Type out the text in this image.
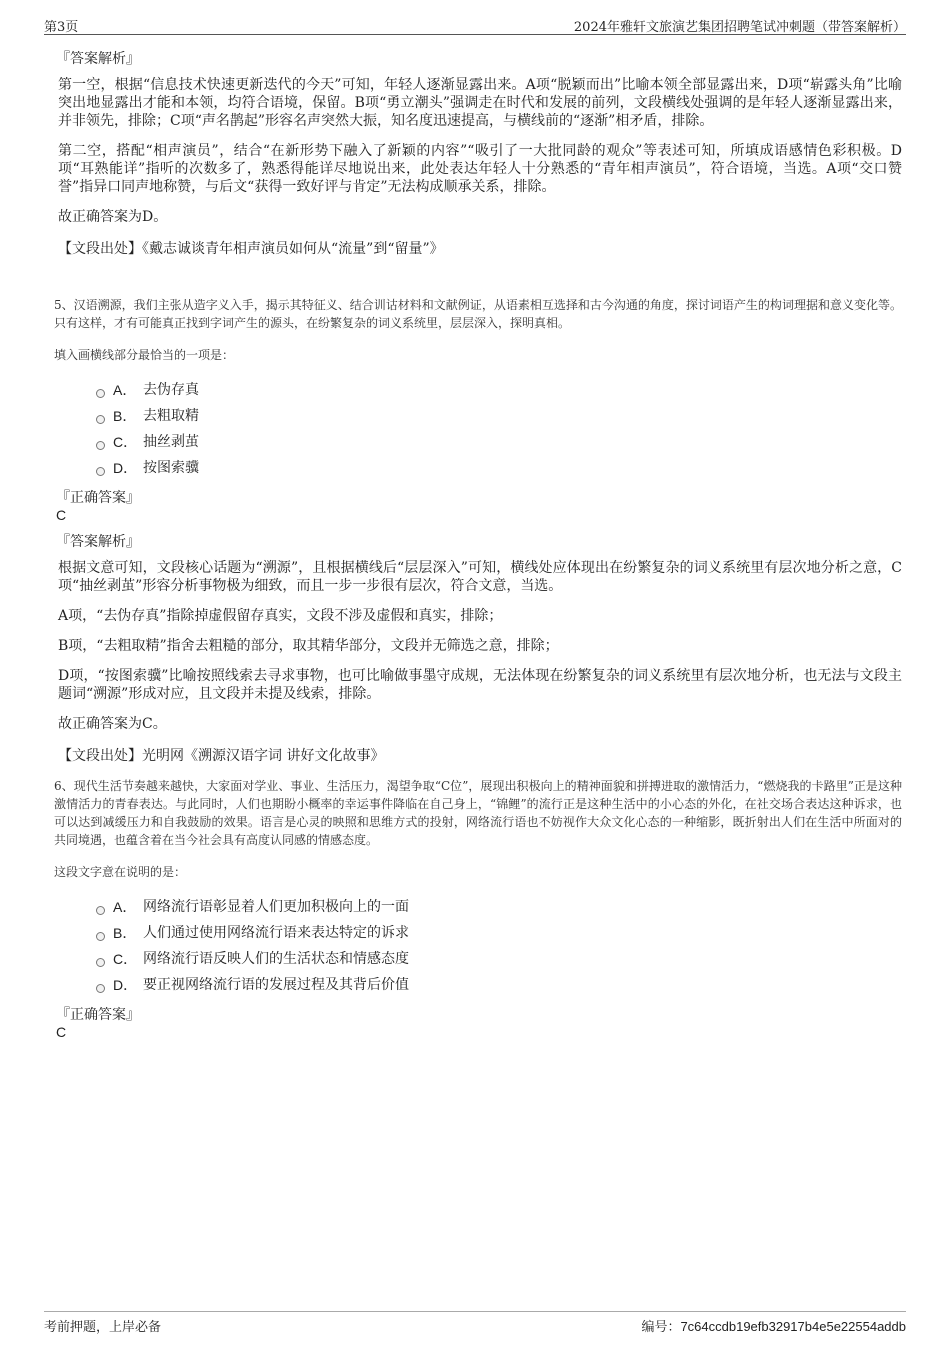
第3页	2024年雅轩文旅演艺集团招聘笔试冲刺题（带答案解析）
『答案解析』

第一空，根据“信息技术快速更新迭代的今天”可知，年轻人逐渐显露出来。A项“脱颖而出”比喻本领全部显露出来，D项“崭露头角”比喻突出地显露出才能和本领，均符合语境，保留。B项“勇立潮头”强调走在时代和发展的前列，文段横线处强调的是年轻人逐渐显露出来，并非领先，排除；C项“声名鹊起”形容名声突然大振，知名度迅速提高，与横线前的“逐渐”相矛盾，排除。

第二空，搭配“相声演员”，结合“在新形势下融入了新颖的内容”“吸引了一大批同龄的观众”等表述可知，所填成语感情色彩积极。D项“耳熟能详”指听的次数多了，熟悉得能详尽地说出来，此处表达年轻人十分熟悉的“青年相声演员”，符合语境，当选。A项“交口赞誉”指异口同声地称赞，与后文“获得一致好评与肯定”无法构成顺承关系，排除。

故正确答案为D。

【文段出处】《戴志诚谈青年相声演员如何从“流量”到“留量”》

5、汉语溯源，我们主张从造字义入手，揭示其特征义、结合训诂材料和文献例证，从语素相互选择和古今沟通的角度，探讨词语产生的构词理据和意义变化等。只有这样，才有可能真正找到字词产生的源头，在纷繁复杂的词义系统里，层层深入，探明真相。

填入画横线部分最恰当的一项是：

A． 去伪存真
B． 去粗取精
C． 抽丝剥茧
D． 按图索骥
『正确答案』
C
『答案解析』

根据文意可知，文段核心话题为“溯源”，且根据横线后“层层深入”可知，横线处应体现出在纷繁复杂的词义系统里有层次地分析之意，C项“抽丝剥茧”形容分析事物极为细致，而且一步一步很有层次，符合文意，当选。

A项，“去伪存真”指除掉虚假留存真实，文段不涉及虚假和真实，排除；

B项，“去粗取精”指舍去粗糙的部分，取其精华部分，文段并无筛选之意，排除；

D项，“按图索骥”比喻按照线索去寻求事物，也可比喻做事墨守成规，无法体现在纷繁复杂的词义系统里有层次地分析，也无法与文段主题词“溯源”形成对应，且文段并未提及线索，排除。

故正确答案为C。

【文段出处】光明网《溯源汉语字词 讲好文化故事》

6、现代生活节奏越来越快，大家面对学业、事业、生活压力，渴望争取“C位”，展现出积极向上的精神面貌和拼搏进取的激情活力，“燃烧我的卡路里”正是这种激情活力的青春表达。与此同时，人们也期盼小概率的幸运事件降临在自己身上，“锦鲤”的流行正是这种生活中的小心态的外化，在社交场合表达这种诉求，也可以达到减缓压力和自我鼓励的效果。语言是心灵的映照和思维方式的投射，网络流行语也不妨视作大众文化心态的一种缩影，既折射出人们在生活中所面对的共同境遇，也蕴含着在当今社会具有高度认同感的情感态度。

这段文字意在说明的是：

A． 网络流行语彰显着人们更加积极向上的一面
B． 人们通过使用网络流行语来表达特定的诉求
C． 网络流行语反映人们的生活状态和情感态度
D． 要正视网络流行语的发展过程及其背后价值
『正确答案』
C
考前押题，上岸必备	编号：7c64ccdb19efb32917b4e5e22554addb
